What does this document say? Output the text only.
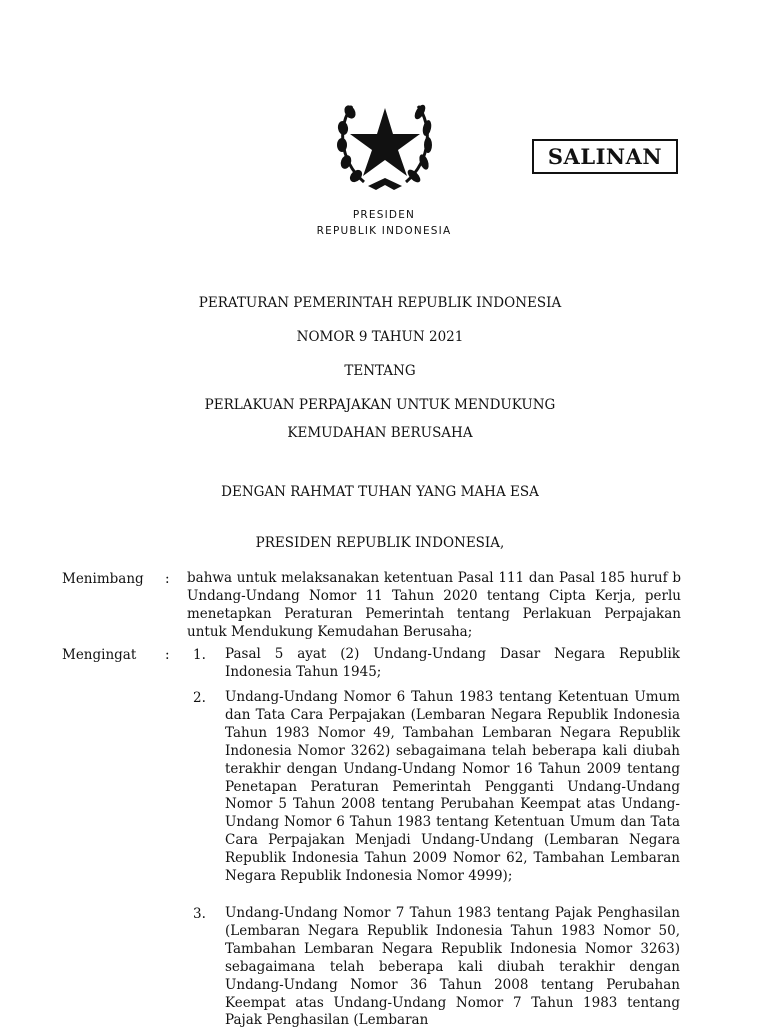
PRESIDEN
REPUBLIK INDONESIA
SALINAN
PERATURAN PEMERINTAH REPUBLIK INDONESIA
NOMOR 9 TAHUN 2021
TENTANG
PERLAKUAN PERPAJAKAN UNTUK MENDUKUNG
KEMUDAHAN BERUSAHA
DENGAN RAHMAT TUHAN YANG MAHA ESA
PRESIDEN REPUBLIK INDONESIA,
Menimbang	: bahwa untuk melaksanakan ketentuan Pasal 111 dan Pasal 185 huruf b Undang-Undang Nomor 11 Tahun 2020 tentang Cipta Kerja, perlu menetapkan Peraturan Pemerintah tentang Perlakuan Perpajakan untuk Mendukung Kemudahan Berusaha;

Mengingat	: 1. Pasal 5 ayat (2) Undang-Undang Dasar Negara Republik Indonesia Tahun 1945;

2. Undang-Undang Nomor 6 Tahun 1983 tentang Ketentuan Umum dan Tata Cara Perpajakan (Lembaran Negara Republik Indonesia Tahun 1983 Nomor 49, Tambahan Lembaran Negara Republik Indonesia Nomor 3262) sebagaimana telah beberapa kali diubah terakhir dengan Undang-Undang Nomor 16 Tahun 2009 tentang Penetapan Peraturan Pemerintah Pengganti Undang-Undang Nomor 5 Tahun 2008 tentang Perubahan Keempat atas Undang-Undang Nomor 6 Tahun 1983 tentang Ketentuan Umum dan Tata Cara Perpajakan Menjadi Undang-Undang (Lembaran Negara Republik Indonesia Tahun 2009 Nomor 62, Tambahan Lembaran Negara Republik Indonesia Nomor 4999);

3. Undang-Undang Nomor 7 Tahun 1983 tentang Pajak Penghasilan (Lembaran Negara Republik Indonesia Tahun 1983 Nomor 50, Tambahan Lembaran Negara Republik Indonesia Nomor 3263) sebagaimana telah beberapa kali diubah terakhir dengan Undang-Undang Nomor 36 Tahun 2008 tentang Perubahan Keempat atas Undang-Undang Nomor 7 Tahun 1983 tentang Pajak Penghasilan (Lembaran
